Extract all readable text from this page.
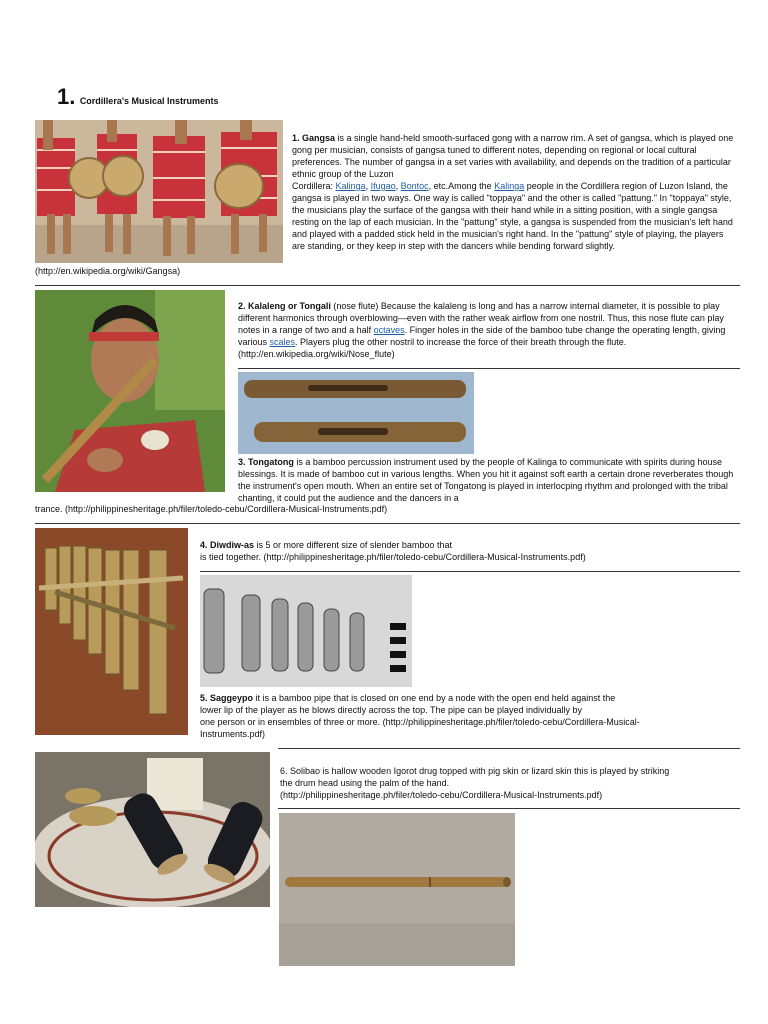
1. Cordillera's Musical Instruments
1. Gangsa is a single hand-held smooth-surfaced gong with a narrow rim. A set of gangsa, which is played one gong per musician, consists of gangsa tuned to different notes, depending on regional or local cultural preferences. The number of gangsa in a set varies with availability, and depends on the tradition of a particular ethnic group of the Luzon
Cordillera: Kalinga, Ifugao, Bontoc, etc.Among the Kalinga people in the Cordillera region of Luzon Island, the gangsa is played in two ways. One way is called "toppaya" and the other is called "pattung." In "toppaya" style, the musicians play the surface of the gangsa with their hand while in a sitting position, with a single gangsa resting on the lap of each musician. In the "pattung" style, a gangsa is suspended from the musician's left hand and played with a padded stick held in the musician's right hand. In the "pattung" style of playing, the players are standing, or they keep in step with the dancers while bending forward slightly.
(http://en.wikipedia.org/wiki/Gangsa)
2. Kalaleng or Tongali (nose flute) Because the kalaleng is long and has a narrow internal diameter, it is possible to play different harmonics through overblowing—even with the rather weak airflow from one nostril. Thus, this nose flute can play notes in a range of two and a half octaves. Finger holes in the side of the bamboo tube change the operating length, giving various scales. Players plug the other nostril to increase the force of their breath through the flute. (http://en.wikipedia.org/wiki/Nose_flute)
3. Tongatong is a bamboo percussion instrument used by the people of Kalinga to communicate with spirits during house blessings. It is made of bamboo cut in various lengths. When you hit it against soft earth a certain drone reverberates though the instrument's open mouth. When an entire set of Tongatong is played in interlocping rhythm and prolonged with the tribal chanting, it could put the audience and the dancers in a
trance. (http://philippinesheritage.ph/filer/toledo-cebu/Cordillera-Musical-Instruments.pdf)
4. Diwdiw-as is 5 or more different size of slender bamboo that
is tied together. (http://philippinesheritage.ph/filer/toledo-cebu/Cordillera-Musical-Instruments.pdf)
5. Saggeypo it is a bamboo pipe that is closed on one end by a node with the open end held against the
lower lip of the player as he blows directly across the top. The pipe can be played individually by
one person or in ensembles of three or more. (http://philippinesheritage.ph/filer/toledo-cebu/Cordillera-Musical-
Instruments.pdf)
6. Solibao is hallow wooden Igorot drug topped with pig skin or lizard skin this is played by striking
the drum head using the palm of the hand.
(http://philippinesheritage.ph/filer/toledo-cebu/Cordillera-Musical-Instruments.pdf)
